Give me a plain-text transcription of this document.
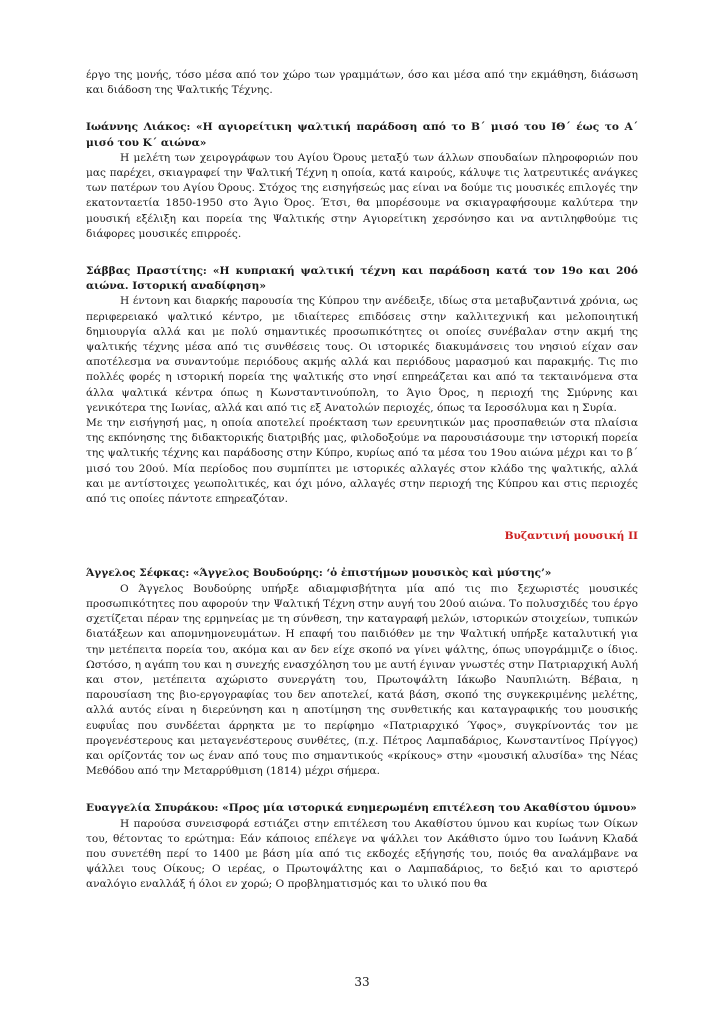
έργο της μονής, τόσο μέσα από τον χώρο των γραμμάτων, όσο και μέσα από την εκμάθηση, διάσωση και διάδοση της Ψαλτικής Τέχνης.

Ιωάννης Λιάκος: «Η αγιορείτικη ψαλτική παράδοση από το Β΄ μισό του ΙΘ΄ έως το Α΄ μισό του Κ΄ αιώνα»

Η μελέτη των χειρογράφων του Αγίου Όρους μεταξύ των άλλων σπουδαίων πληροφοριών που μας παρέχει, σκιαγραφεί την Ψαλτική Τέχνη η οποία, κατά καιρούς, κάλυψε τις λατρευτικές ανάγκες των πατέρων του Αγίου Όρους. Στόχος της εισηγήσεώς μας είναι να δούμε τις μουσικές επιλογές την εκατονταετία 1850-1950 στο Άγιο Όρος. Έτσι, θα μπορέσουμε να σκιαγραφήσουμε καλύτερα την μουσική εξέλιξη και πορεία της Ψαλτικής στην Αγιορείτικη χερσόνησο και να αντιληφθούμε τις διάφορες μουσικές επιρροές.

Σάββας Πραστίτης: «Η κυπριακή ψαλτική τέχνη και παράδοση κατά τον 19ο και 20ό αιώνα. Ιστορική αναδίφηση»

Η έντονη και διαρκής παρουσία της Κύπρου την ανέδειξε, ιδίως στα μεταβυζαντινά χρόνια, ως περιφερειακό ψαλτικό κέντρο, με ιδιαίτερες επιδόσεις στην καλλιτεχνική και μελοποιητική δημιουργία αλλά και με πολύ σημαντικές προσωπικότητες οι οποίες συνέβαλαν στην ακμή της ψαλτικής τέχνης μέσα από τις συνθέσεις τους. Οι ιστορικές διακυμάνσεις του νησιού είχαν σαν αποτέλεσμα να συναντούμε περιόδους ακμής αλλά και περιόδους μαρασμού και παρακμής. Τις πιο πολλές φορές η ιστορική πορεία της ψαλτικής στο νησί επηρεάζεται και από τα τεκταινόμενα στα άλλα ψαλτικά κέντρα όπως η Κωνσταντινούπολη, το Άγιο Όρος, η περιοχή της Σμύρνης και γενικότερα της Ιωνίας, αλλά και από τις εξ Ανατολών περιοχές, όπως τα Ιεροσόλυμα και η Συρία.

Με την εισήγησή μας, η οποία αποτελεί προέκταση των ερευνητικών μας προσπαθειών στα πλαίσια της εκπόνησης της διδακτορικής διατριβής μας, φιλοδοξούμε να παρουσιάσουμε την ιστορική πορεία της ψαλτικής τέχνης και παράδοσης στην Κύπρο, κυρίως από τα μέσα του 19ου αιώνα μέχρι και το β΄ μισό του 20ού. Μία περίοδος που συμπίπτει με ιστορικές αλλαγές στον κλάδο της ψαλτικής, αλλά και με αντίστοιχες γεωπολιτικές, και όχι μόνο, αλλαγές στην περιοχή της Κύπρου και στις περιοχές από τις οποίες πάντοτε επηρεαζόταν.

Βυζαντινή μουσική ΙΙ

Άγγελος Σέφκας: «Άγγελος Βουδούρης: ‘ὁ ἐπιστήμων μουσικὸς καὶ μύστης’»

Ο Άγγελος Βουδούρης υπήρξε αδιαμφισβήτητα μία από τις πιο ξεχωριστές μουσικές προσωπικότητες που αφορούν την Ψαλτική Τέχνη στην αυγή του 20ού αιώνα. Το πολυσχιδές του έργο σχετίζεται πέραν της ερμηνείας με τη σύνθεση, την καταγραφή μελών, ιστορικών στοιχείων, τυπικών διατάξεων και απομνημονευμάτων. Η επαφή του παιδιόθεν με την Ψαλτική υπήρξε καταλυτική για την μετέπειτα πορεία του, ακόμα και αν δεν είχε σκοπό να γίνει ψάλτης, όπως υπογράμμιζε ο ίδιος. Ωστόσο, η αγάπη του και η συνεχής ενασχόληση του με αυτή έγιναν γνωστές στην Πατριαρχική Αυλή και στον, μετέπειτα αχώριστο συνεργάτη του, Πρωτοψάλτη Ιάκωβο Ναυπλιώτη. Βέβαια, η παρουσίαση της βιο-εργογραφίας του δεν αποτελεί, κατά βάση, σκοπό της συγκεκριμένης μελέτης, αλλά αυτός είναι η διερεύνηση και η αποτίμηση της συνθετικής και καταγραφικής του μουσικής ευφυΐας που συνδέεται άρρηκτα με το περίφημο «Πατριαρχικό Ύφος», συγκρίνοντάς τον με προγενέστερους και μεταγενέστερους συνθέτες, (π.χ. Πέτρος Λαμπαδάριος, Κωνσταντίνος Πρίγγος) και ορίζοντάς τον ως έναν από τους πιο σημαντικούς «κρίκους» στην «μουσική αλυσίδα» της Νέας Μεθόδου από την Μεταρρύθμιση (1814) μέχρι σήμερα.

Ευαγγελία Σπυράκου: «Προς μία ιστορικά ενημερωμένη επιτέλεση του Ακαθίστου ύμνου»

Η παρούσα συνεισφορά εστιάζει στην επιτέλεση του Ακαθίστου ύμνου και κυρίως των Οίκων του, θέτοντας το ερώτημα: Εάν κάποιος επέλεγε να ψάλλει τον Ακάθιστο ύμνο του Ιωάννη Κλαδά που συνετέθη περί το 1400 με βάση μία από τις εκδοχές εξήγησής του, ποιός θα αναλάμβανε να ψάλλει τους Οίκους; Ο ιερέας, ο Πρωτοψάλτης και ο Λαμπαδάριος, το δεξιό και το αριστερό αναλόγιο εναλλάξ ή όλοι εν χορώ; Ο προβληματισμός και το υλικό που θα

33
